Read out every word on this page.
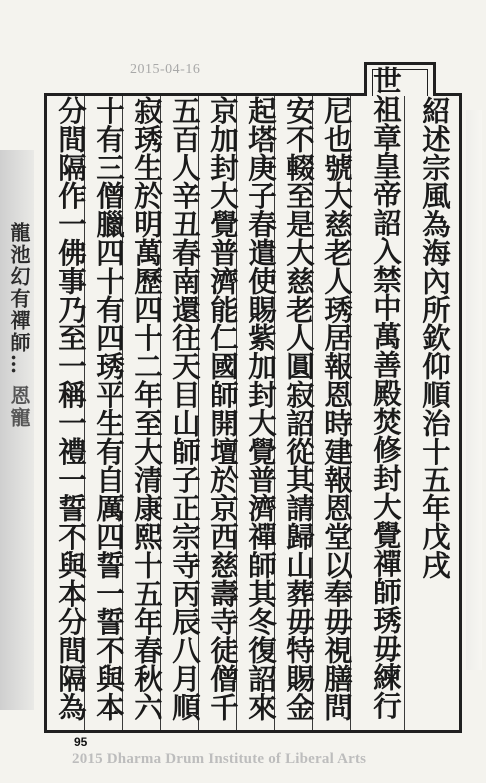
2015-04-16
龍池幻有禪師… 恩寵	紹述宗風為海內所欽仰順治十五年戊戌
世祖章皇帝詔入禁中萬善殿焚修封大覺禪師琇毋練行
尼也號大慈老人琇居報恩時建報恩堂以奉毋視膳問
安不輟至是大慈老人圓寂詔從其請歸山葬毋特賜金
起塔庚子春遣使賜紫加封大覺普濟禪師其冬復詔來
京加封大覺普濟能仁國師開壇於京西慈壽寺徒僧千
五百人辛丑春南還往天目山師子正宗寺丙辰八月順
寂琇生於明萬歷四十二年至大清康熙十五年春秋六
十有三僧臘四十有四琇平生有自厲四誓一誓不與本
分間隔作一佛事乃至一稱一禮一誓不與本分間隔為
95
2015 Dharma Drum Institute of Liberal Arts
